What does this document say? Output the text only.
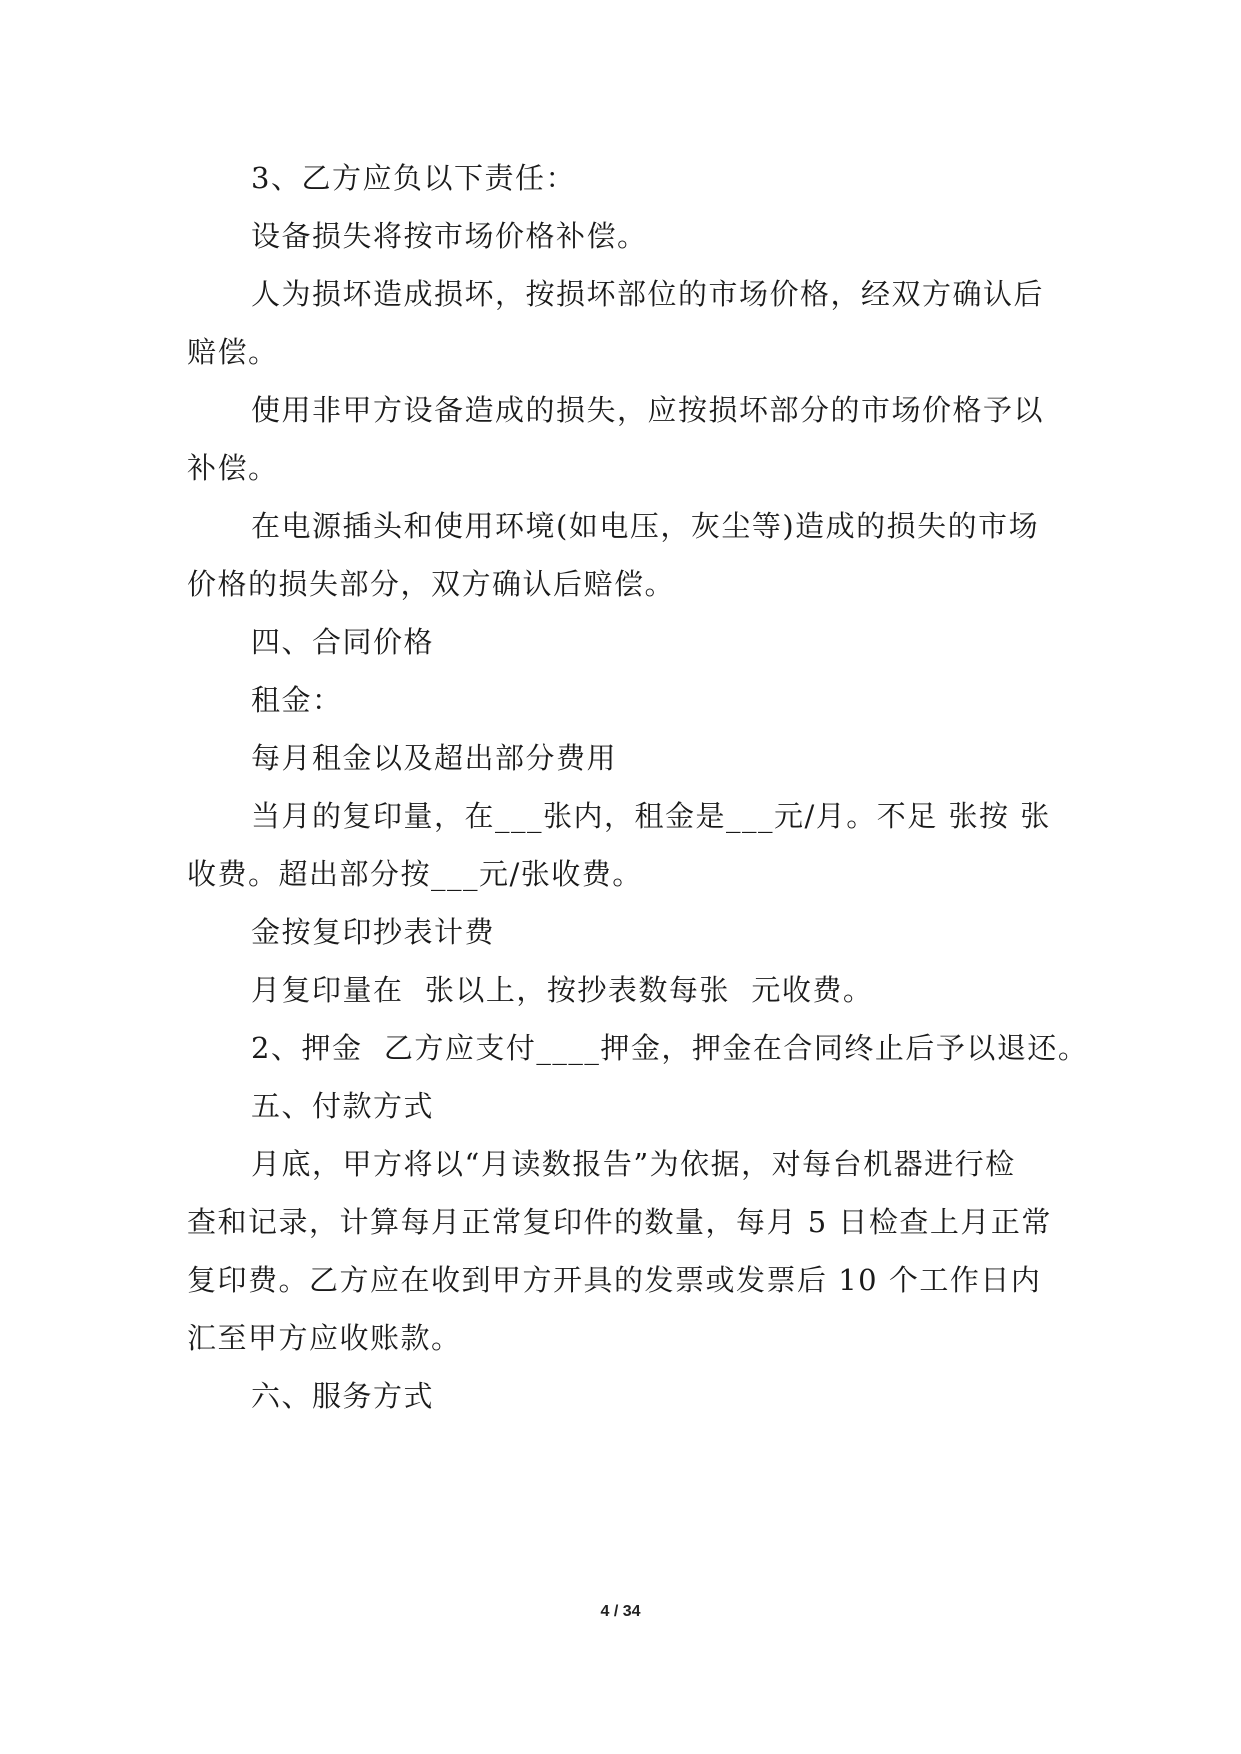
3、乙方应负以下责任：
设备损失将按市场价格补偿。
人为损坏造成损坏，按损坏部位的市场价格，经双方确认后
赔偿。
使用非甲方设备造成的损失，应按损坏部分的市场价格予以
补偿。
在电源插头和使用环境(如电压，灰尘等)造成的损失的市场
价格的损失部分，双方确认后赔偿。
四、合同价格
租金：
每月租金以及超出部分费用
当月的复印量，在___张内，租金是___元/月。不足 张按 张
收费。超出部分按___元/张收费。
金按复印抄表计费
月复印量在  张以上，按抄表数每张  元收费。
2、押金  乙方应支付____押金，押金在合同终止后予以退还。
五、付款方式
月底，甲方将以“月读数报告”为依据，对每台机器进行检
查和记录，计算每月正常复印件的数量，每月 5 日检查上月正常
复印费。乙方应在收到甲方开具的发票或发票后 10 个工作日内
汇至甲方应收账款。
六、服务方式
4 / 34
